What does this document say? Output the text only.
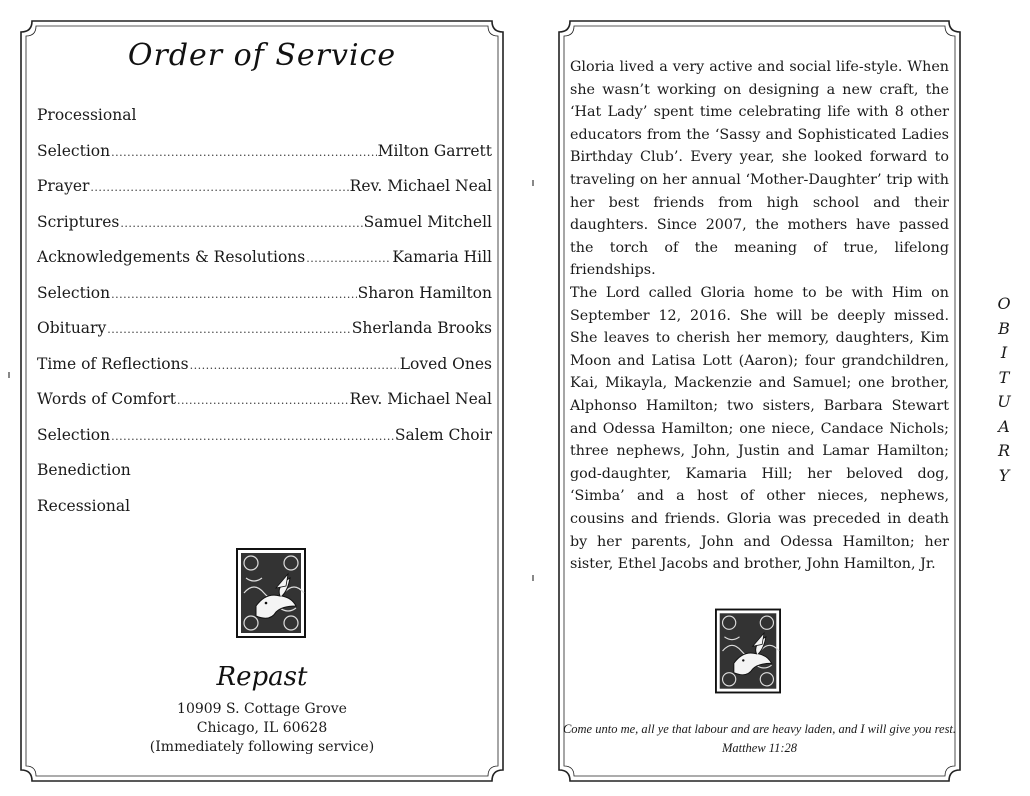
Order of Service
Processional
Selection .....	Milton Garrett
Prayer .....	Rev. Michael Neal
Scriptures .....	Samuel Mitchell
Acknowledgements & Resolutions .....	Kamaria Hill
Selection .....	Sharon Hamilton
Obituary .....	Sherlanda Brooks
Time of Reflections .....	Loved Ones
Words of Comfort .....	Rev. Michael Neal
Selection .....	Salem Choir
Benediction
Recessional
Repast
10909 S. Cottage Grove
Chicago, IL 60628
(Immediately following service)
Gloria lived a very active and social life-style. When she wasn’t working on designing a new craft, the ‘Hat Lady’ spent time celebrating life with 8 other educators from the ‘Sassy and Sophisticated Ladies Birthday Club’. Every year, she looked forward to traveling on her annual ‘Mother-Daughter’ trip with her best friends from high school and their daughters. Since 2007, the mothers have passed the torch of the meaning of true, lifelong friendships.
The Lord called Gloria home to be with Him on September 12, 2016. She will be deeply missed. She leaves to cherish her memory, daughters, Kim Moon and Latisa Lott (Aaron); four grandchildren, Kai, Mikayla, Mackenzie and Samuel; one brother, Alphonso Hamilton; two sisters, Barbara Stewart and Odessa Hamilton; one niece, Candace Nichols; three nephews, John, Justin and Lamar Hamilton; god-daughter, Kamaria Hill; her beloved dog, ‘Simba’ and a host of other nieces, nephews, cousins and friends. Gloria was preceded in death by her parents, John and Odessa Hamilton; her sister, Ethel Jacobs and brother, John Hamilton, Jr.
Come unto me, all ye that labour and are heavy laden, and I will give you rest.
Matthew 11:28
O
B
I
T
U
A
R
Y
